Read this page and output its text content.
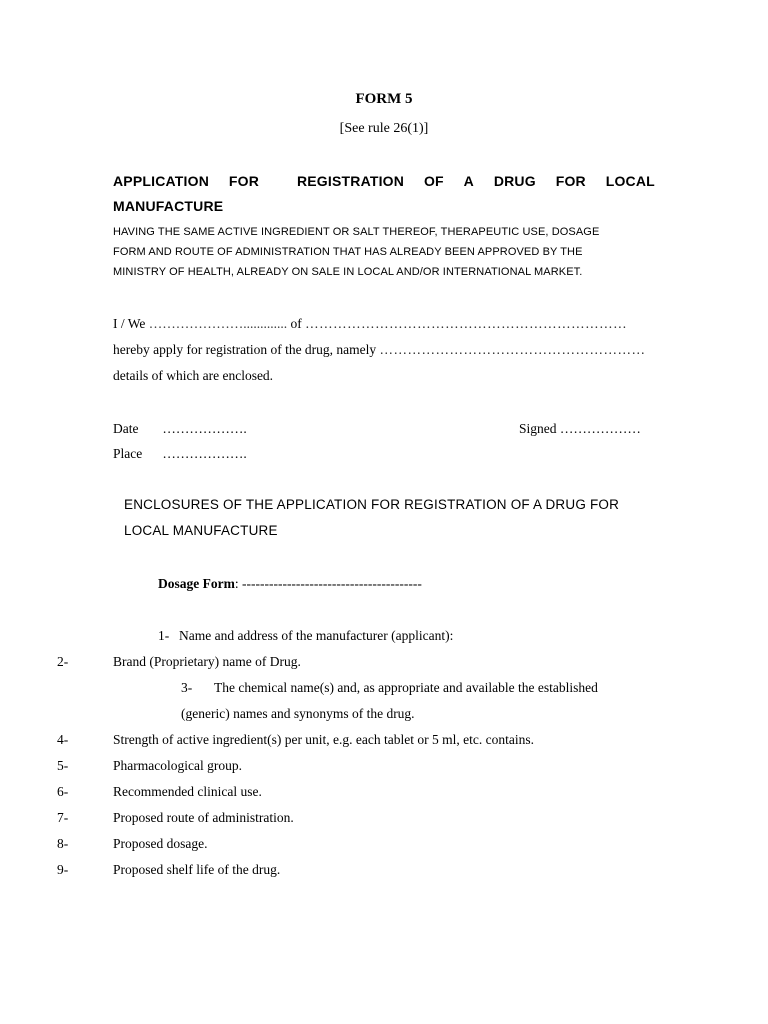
FORM 5
[See rule 26(1)]
APPLICATION FOR	REGISTRATION OF A DRUG FOR LOCAL
MANUFACTURE
HAVING THE SAME ACTIVE INGREDIENT OR SALT THEREOF, THERAPEUTIC USE, DOSAGE
FORM AND ROUTE OF ADMINISTRATION THAT HAS ALREADY BEEN APPROVED BY THE
MINISTRY OF HEALTH, ALREADY ON SALE IN LOCAL AND/OR INTERNATIONAL MARKET.
I / We
………………….............
of
……………………………………………………………
hereby apply for registration of the drug, namely
…………………………………………………
details of which are enclosed.
Date ……………….
Place ……………….
Signed ………………
ENCLOSURES OF THE APPLICATION FOR REGISTRATION OF A DRUG FOR
LOCAL MANUFACTURE
Dosage Form: ----------------------------------------
1- Name and address of the manufacturer (applicant):
2-	Brand (Proprietary) name of Drug.
3- The chemical name(s) and, as appropriate and available the established
(generic) names and synonyms of the drug.
4-	Strength of active ingredient(s) per unit, e.g. each tablet or 5 ml, etc. contains.
5-	Pharmacological group.
6-	Recommended clinical use.
7-	Proposed route of administration.
8-	Proposed dosage.
9-	Proposed shelf life of the drug.
